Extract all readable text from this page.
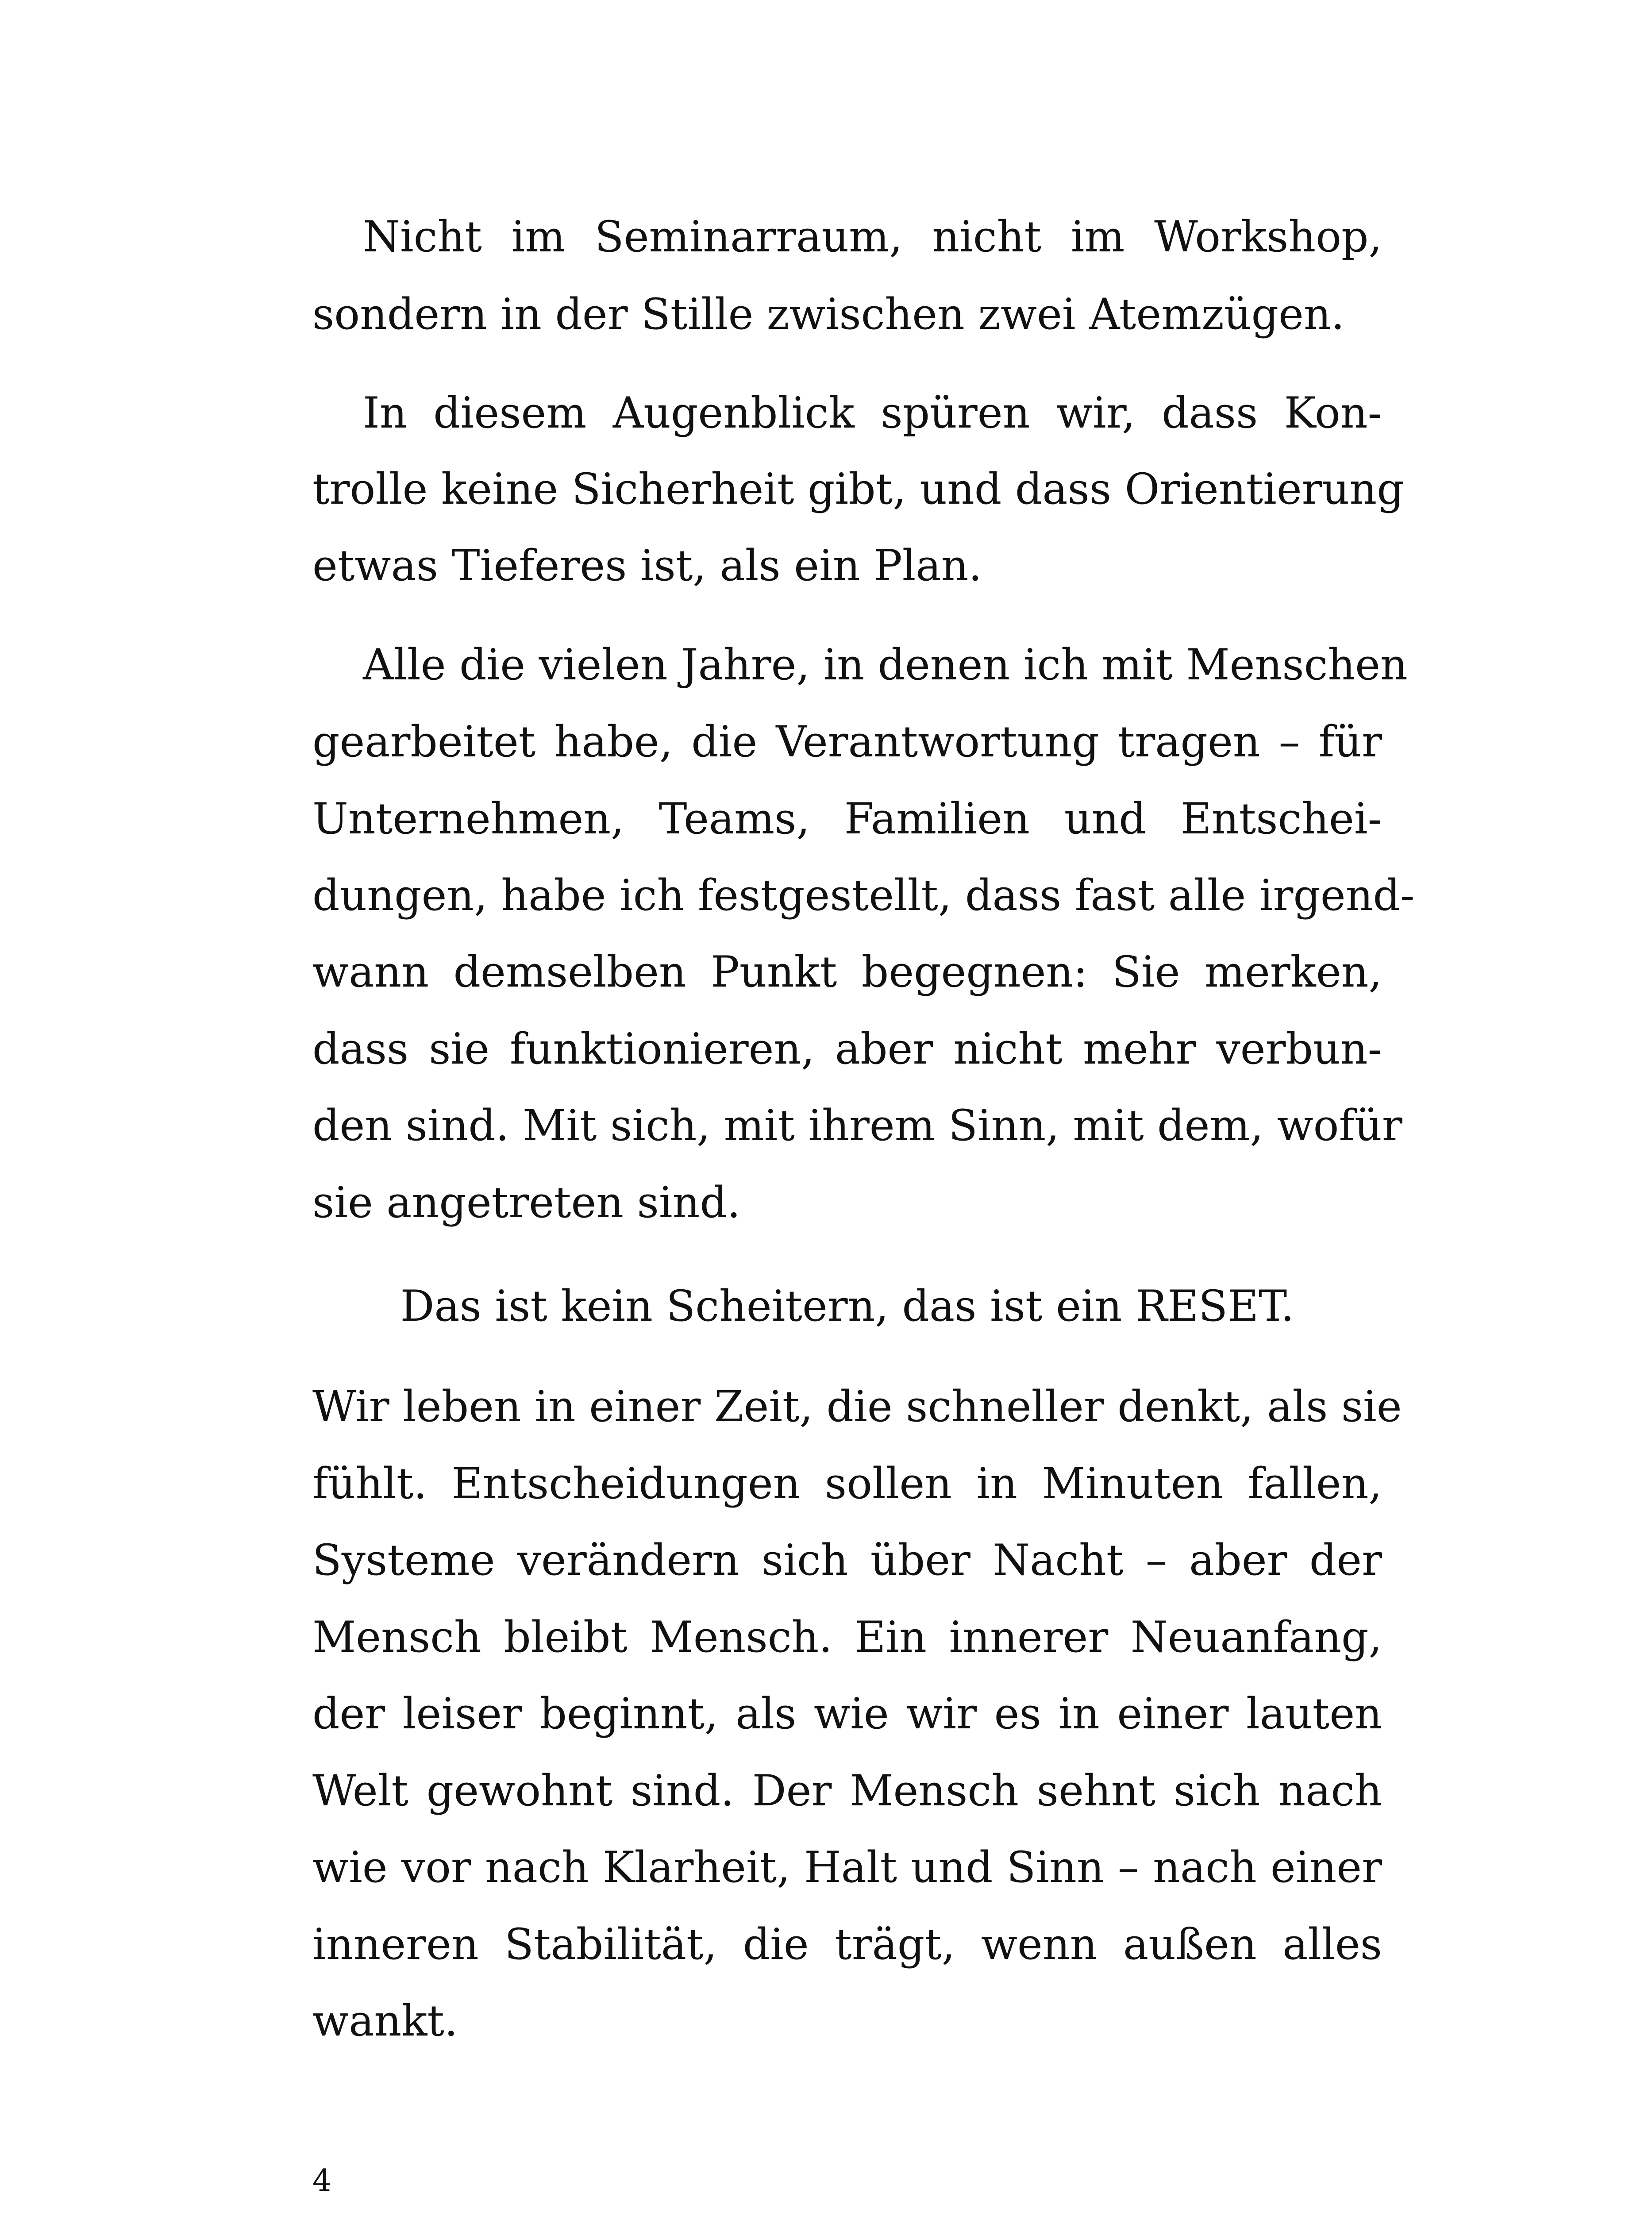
Nicht im Seminarraum, nicht im Workshop,
sondern in der Stille zwischen zwei Atemzügen.
In diesem Augenblick spüren wir, dass Kon-
trolle keine Sicherheit gibt, und dass Orientierung
etwas Tieferes ist, als ein Plan.
Alle die vielen Jahre, in denen ich mit Menschen
gearbeitet habe, die Verantwortung tragen – für
Unternehmen, Teams, Familien und Entschei-
dungen, habe ich festgestellt, dass fast alle irgend-
wann demselben Punkt begegnen: Sie merken,
dass sie funktionieren, aber nicht mehr verbun-
den sind. Mit sich, mit ihrem Sinn, mit dem, wofür
sie angetreten sind.
Das ist kein Scheitern, das ist ein RESET.
Wir leben in einer Zeit, die schneller denkt, als sie
fühlt. Entscheidungen sollen in Minuten fallen,
Systeme verändern sich über Nacht – aber der
Mensch bleibt Mensch. Ein innerer Neuanfang,
der leiser beginnt, als wie wir es in einer lauten
Welt gewohnt sind. Der Mensch sehnt sich nach
wie vor nach Klarheit, Halt und Sinn – nach einer
inneren Stabilität, die trägt, wenn außen alles
wankt.
4
